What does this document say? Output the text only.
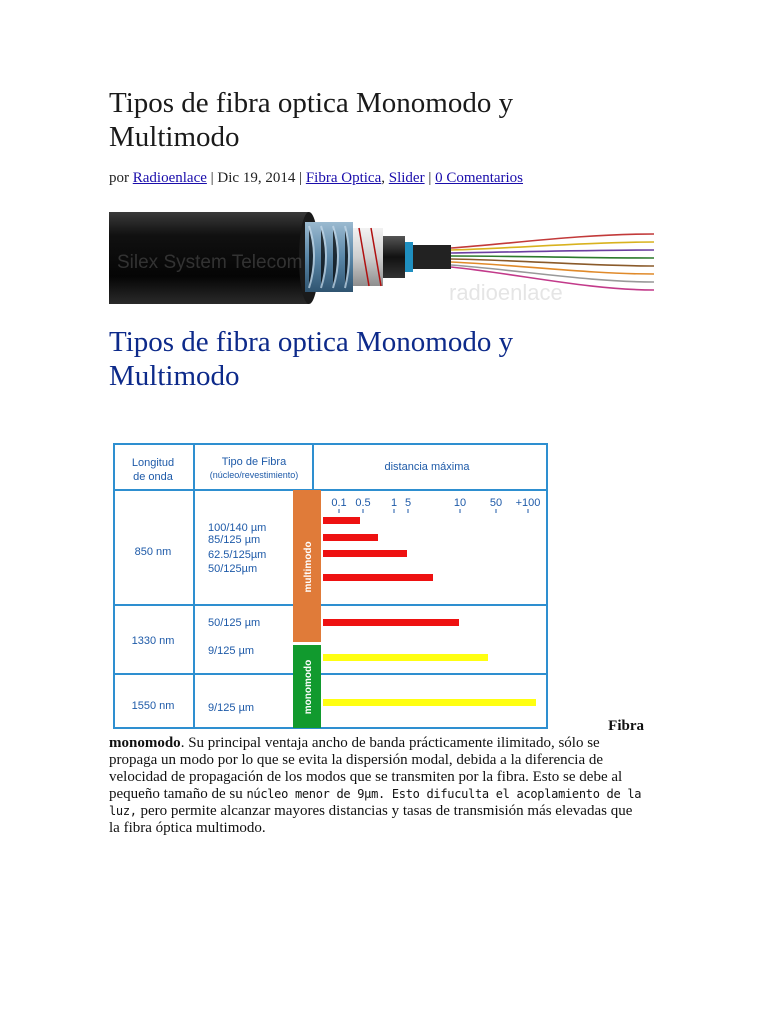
Tipos de fibra optica Monomodo y Multimodo
por Radioenlace | Dic 19, 2014 | Fibra Optica, Slider | 0 Comentarios
Silex System Telecom
radioenlace
Tipos de fibra optica Monomodo y Multimodo
Longitud
de onda
Tipo de Fibra
(núcleo/revestimiento)
distancia máxima
0.1 0.5 1 5	10 50 +100
multimodo
monomodo
850 nm
100/140 µm
85/125 µm
62.5/125µm
50/125µm
1330 nm
50/125 µm
9/125 µm
1550 nm	9/125 µm
Fibra
monomodo. Su principal ventaja ancho de banda prácticamente ilimitado, sólo se propaga un modo por lo que se evita la dispersión modal, debida a la diferencia de velocidad de propagación de los modos que se transmiten por la fibra. Esto se debe al pequeño tamaño de su núcleo menor de 9µm. Esto difuculta el acoplamiento de la luz, pero permite alcanzar mayores distancias y tasas de transmisión más elevadas que la fibra óptica multimodo.
